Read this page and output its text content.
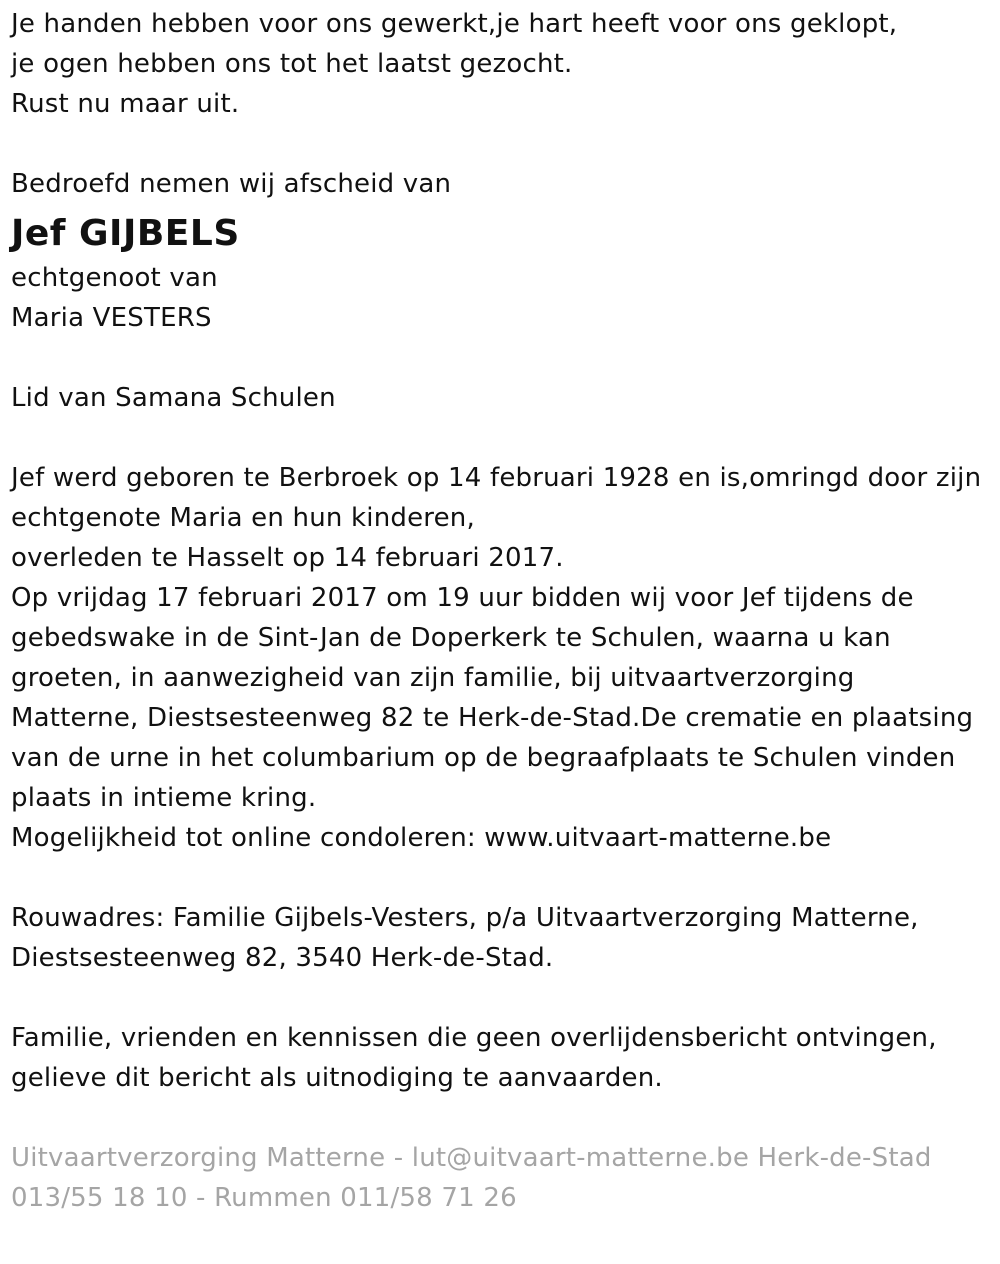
Je handen hebben voor ons gewerkt,je hart heeft voor ons geklopt,
je ogen hebben ons tot het laatst gezocht.
Rust nu maar uit.
Bedroefd nemen wij afscheid van
Jef GIJBELS
echtgenoot van
Maria VESTERS
Lid van Samana Schulen
Jef werd geboren te Berbroek op 14 februari 1928 en is,omringd door zijn
echtgenote Maria en hun kinderen,
overleden te Hasselt op 14 februari 2017.
Op vrijdag 17 februari 2017 om 19 uur bidden wij voor Jef tijdens de
gebedswake in de Sint-Jan de Doperkerk te Schulen, waarna u kan
groeten, in aanwezigheid van zijn familie, bij uitvaartverzorging
Matterne, Diestsesteenweg 82 te Herk-de-Stad.De crematie en plaatsing
van de urne in het columbarium op de begraafplaats te Schulen vinden
plaats in intieme kring.
Mogelijkheid tot online condoleren: www.uitvaart-matterne.be
Rouwadres: Familie Gijbels-Vesters, p/a Uitvaartverzorging Matterne,
Diestsesteenweg 82, 3540 Herk-de-Stad.
Familie, vrienden en kennissen die geen overlijdensbericht ontvingen,
gelieve dit bericht als uitnodiging te aanvaarden.
Uitvaartverzorging Matterne - lut@uitvaart-matterne.be Herk-de-Stad
013/55 18 10 - Rummen 011/58 71 26
